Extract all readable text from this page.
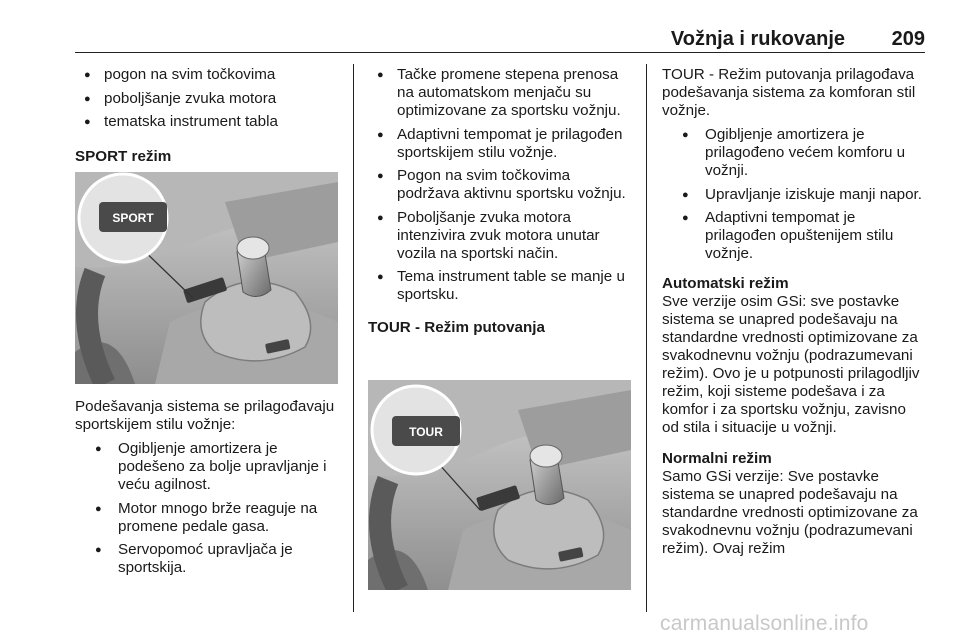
Vožnja i rukovanje 209
● pogon na svim točkovima
● poboljšanje zvuka motora
● tematska instrument tabla

SPORT režim

SPORT

Podešavanja sistema se prilagođavaju sportskijem stilu vožnje:

● Ogibljenje amortizera je podešeno za bolje upravljanje i veću agilnost.
● Motor mnogo brže reaguje na promene pedale gasa.
● Servopomoć upravljača je sportskija.
● Tačke promene stepena prenosa na automatskom menjaču su optimizovane za sportsku vožnju.
● Adaptivni tempomat je prilagođen sportskijem stilu vožnje.
● Pogon na svim točkovima podržava aktivnu sportsku vožnju.
● Poboljšanje zvuka motora intenzivira zvuk motora unutar vozila na sportski način.
● Tema instrument table se manje u sportsku.

TOUR - Režim putovanja

TOUR

TOUR - Režim putovanja prilagođava podešavanja sistema za komforan stil vožnje.

● Ogibljenje amortizera je prilagođeno većem komforu u vožnji.
● Upravljanje iziskuje manji napor.
● Adaptivni tempomat je prilagođen opuštenijem stilu vožnje.

Automatski režim

Sve verzije osim GSi: sve postavke sistema se unapred podešavaju na standardne vrednosti optimizovane za svakodnevnu vožnju (podrazumevani režim). Ovo je u potpunosti prilagodljiv režim, koji sisteme podešava i za komfor i za sportsku vožnju, zavisno od stila i situacije u vožnji.

Normalni režim

Samo GSi verzije: Sve postavke sistema se unapred podešavaju na standardne vrednosti optimizovane za svakodnevnu vožnju (podrazumevani režim). Ovaj režim

carmanualsonline.info
